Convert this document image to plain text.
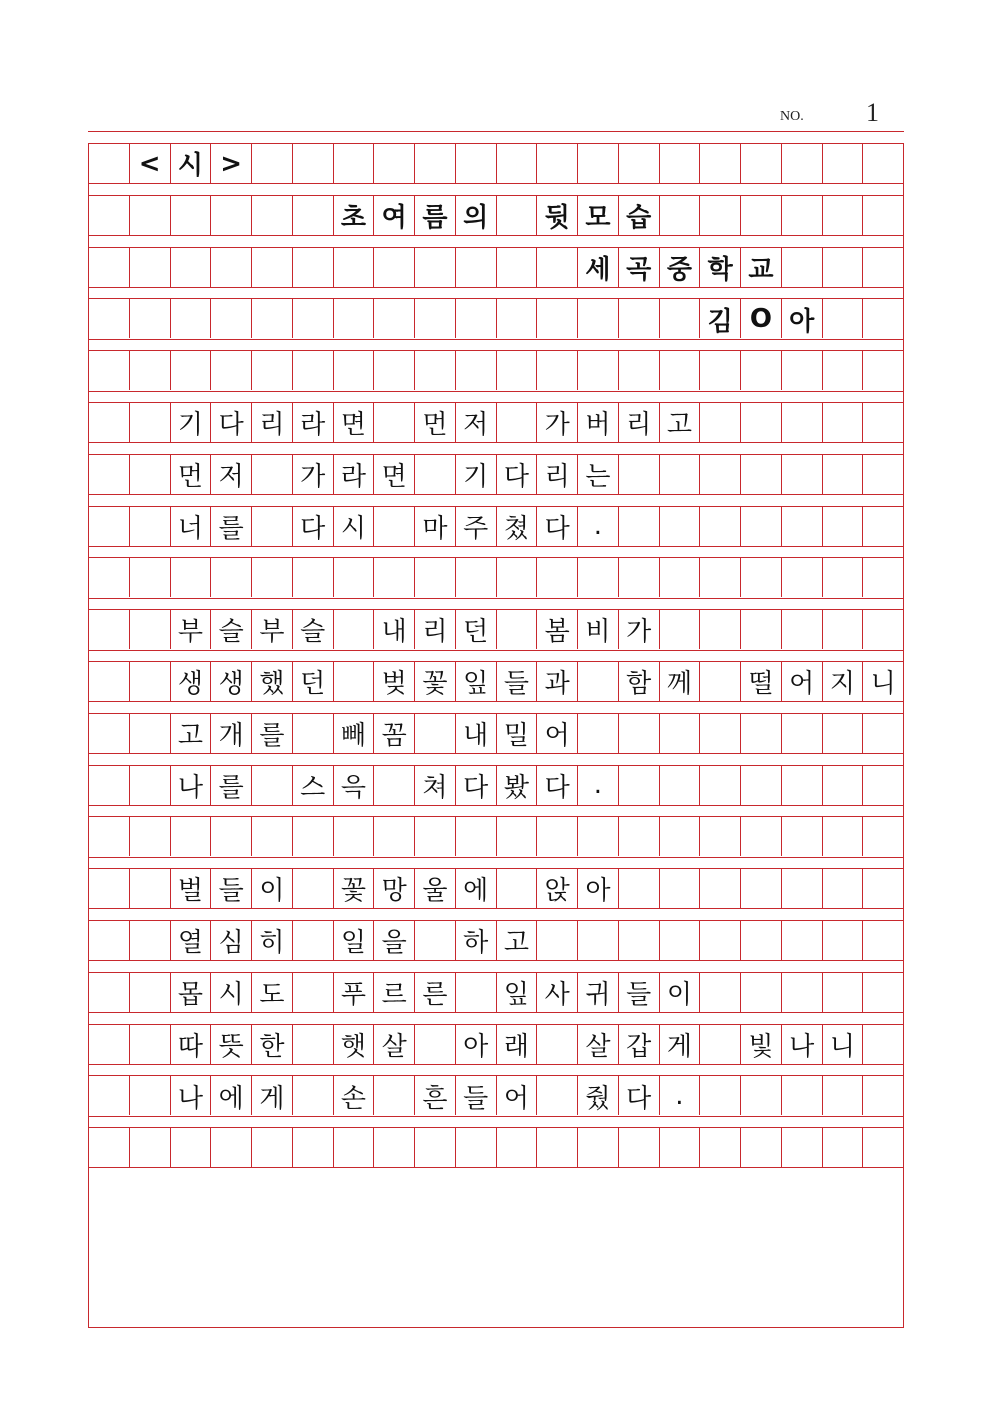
NO. 1
< 시 >
초 여 름 의 뒷 모 습
세 곡 중 학 교
김 O 아
기 다 리 라 면 먼 저 가 버 리 고
먼 저 가 라 면 기 다 리 는
너 를 다 시 마 주 쳤 다 .
부 슬 부 슬 내 리 던 봄 비 가
생 생 했 던 벚 꽃 잎 들 과 함 께 떨 어 지 니
고 개 를 빼 꼼 내 밀 어
나 를 스 윽 쳐 다 봤 다 .
벌 들 이 꽃 망 울 에 앉 아
열 심 히 일 을 하 고
몹 시 도 푸 르 른 잎 사 귀 들 이
따 뜻 한 햇 살 아 래 살 갑 게 빛 나 니
나 에 게 손 흔 들 어 줬 다 .
